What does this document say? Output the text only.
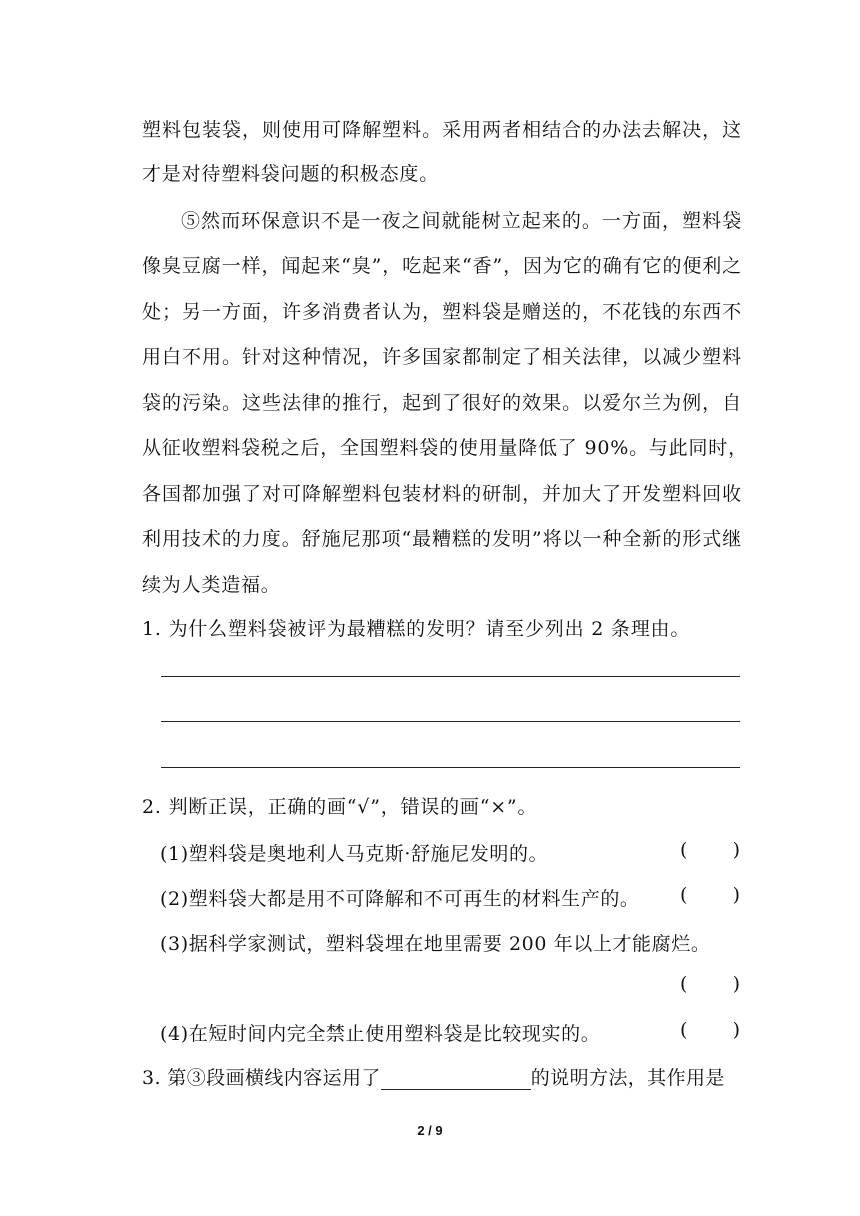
塑料包装袋，则使用可降解塑料。采用两者相结合的办法去解决，这
才是对待塑料袋问题的积极态度。
⑤然而环保意识不是一夜之间就能树立起来的。一方面，塑料袋
像臭豆腐一样，闻起来“臭”，吃起来“香”，因为它的确有它的便利之
处；另一方面，许多消费者认为，塑料袋是赠送的，不花钱的东西不
用白不用。针对这种情况，许多国家都制定了相关法律，以减少塑料
袋的污染。这些法律的推行，起到了很好的效果。以爱尔兰为例，自
从征收塑料袋税之后，全国塑料袋的使用量降低了 90%。与此同时，
各国都加强了对可降解塑料包装材料的研制，并加大了开发塑料回收
利用技术的力度。舒施尼那项“最糟糕的发明”将以一种全新的形式继
续为人类造福。
1. 为什么塑料袋被评为最糟糕的发明？请至少列出 2 条理由。
2. 判断正误，正确的画“√”，错误的画“×”。
(1)塑料袋是奥地利人马克斯·舒施尼发明的。	( )
(2)塑料袋大都是用不可降解和不可再生的材料生产的。 ( )
(3)据科学家测试，塑料袋埋在地里需要 200 年以上才能腐烂。
( )
(4)在短时间内完全禁止使用塑料袋是比较现实的。	( )
3. 第③段画横线内容运用了	的说明方法，其作用是
2 / 9
